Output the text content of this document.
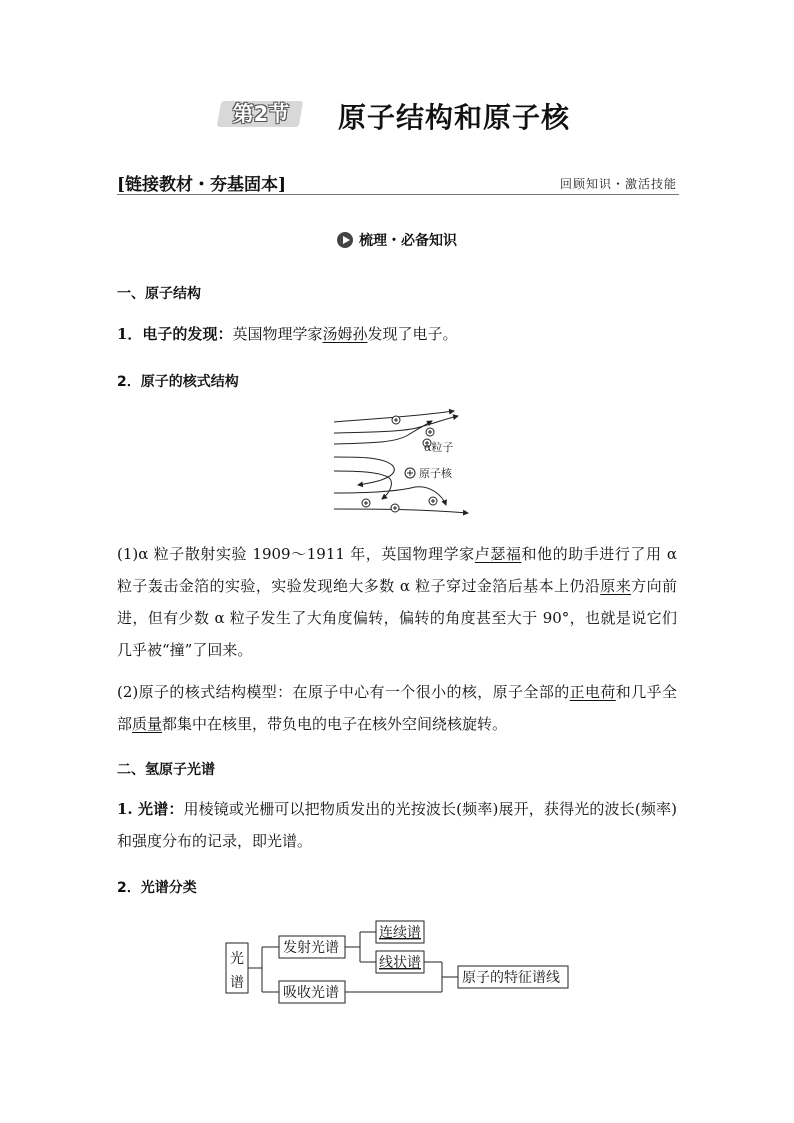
第2节	原子结构和原子核
[链接教材・夯基固本]	回顾知识・激活技能
梳理・必备知识
一、原子结构
1．电子的发现：英国物理学家汤姆孙发现了电子。
2．原子的核式结构
α粒子
原子核
(1)α 粒子散射实验 1909～1911 年，英国物理学家卢瑟福和他的助手进行了用 α 粒子轰击金箔的实验，实验发现绝大多数 α 粒子穿过金箔后基本上仍沿原来方向前进，但有少数 α 粒子发生了大角度偏转，偏转的角度甚至大于 90°，也就是说它们几乎被“撞”了回来。
(2)原子的核式结构模型：在原子中心有一个很小的核，原子全部的正电荷和几乎全部质量都集中在核里，带负电的电子在核外空间绕核旋转。
二、氢原子光谱
1. 光谱：用棱镜或光栅可以把物质发出的光按波长(频率)展开，获得光的波长(频率)和强度分布的记录，即光谱。
2．光谱分类
光
谱
发射光谱
吸收光谱
连续谱
线状谱
原子的特征谱线
